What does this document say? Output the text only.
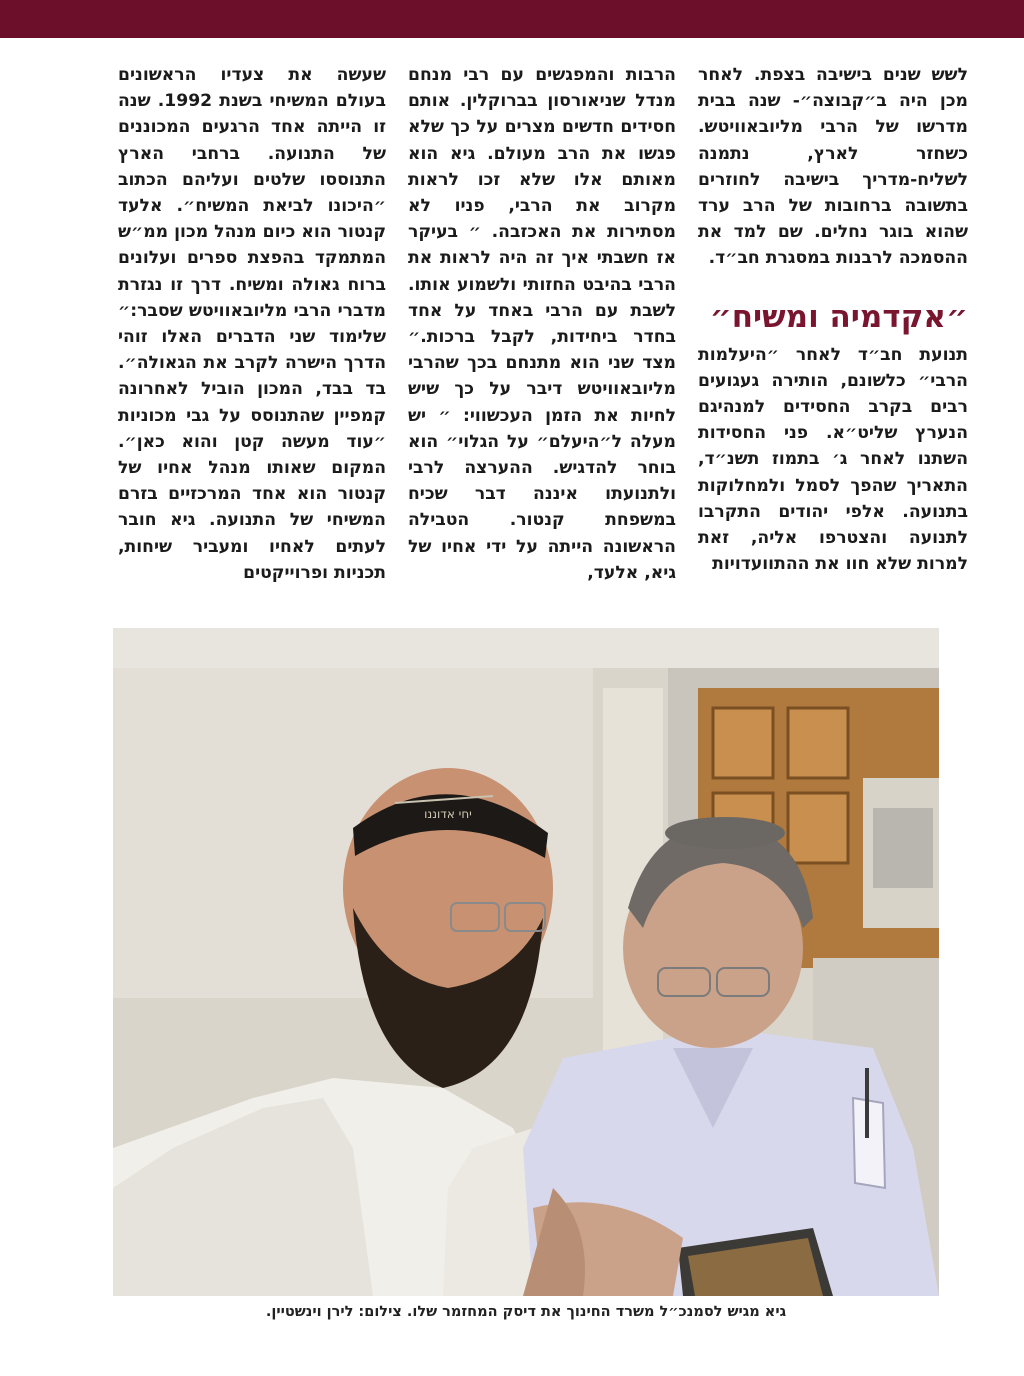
לשש שנים בישיבה בצפת. לאחר מכן היה ב״קבוצה״- שנה בבית מדרשו של הרבי מליובאוויטש. כשחזר לארץ, נתמנה לשליח-מדריך בישיבה לחוזרים בתשובה ברחובות של הרב ערד שהוא בוגר נחלים. שם למד את ההסמכה לרבנות במסגרת חב״ד.

״אקדמיה ומשיח״

תנועת חב״ד לאחר ״היעלמות הרבי״ כלשונם, הותירה געגועים רבים בקרב החסידים למנהיגם הנערץ שליט״א. פני החסידות השתנו לאחר ג׳ בתמוז תשנ״ד, התאריך שהפך לסמל ולמחלוקות בתנועה. אלפי יהודים התקרבו לתנועה והצטרפו אליה, זאת למרות שלא חוו את ההתוועדויות

הרבות והמפגשים עם רבי מנחם מנדל שניאורסון בברוקלין. אותם חסידים חדשים מצרים על כך שלא פגשו את הרב מעולם. גיא הוא מאותם אלו שלא זכו לראות מקרוב את הרבי, פניו לא מסתירות את האכזבה. ״ בעיקר אז חשבתי איך זה היה לראות את הרבי בהיבט החזותי ולשמוע אותו. לשבת עם הרבי באחד על אחד בחדר ביחידות, לקבל ברכות.״ מצד שני הוא מתנחם בכך שהרבי מליובאוויטש דיבר על כך שיש לחיות את הזמן העכשווי: ״ יש מעלה ל״היעלם״ על הגלוי״ הוא בוחר להדגיש. ההערצה לרבי ולתנועתו איננה דבר שכיח במשפחת קנטור. הטבילה הראשונה הייתה על ידי אחיו של גיא, אלעד,

שעשה את צעדיו הראשונים בעולם המשיחי בשנת 1992. שנה זו הייתה אחד הרגעים המכוננים של התנועה. ברחבי הארץ התנוססו שלטים ועליהם הכתוב ״היכונו לביאת המשיח״. אלעד קנטור הוא כיום מנהל מכון ממ״ש המתמקד בהפצת ספרים ועלונים ברוח גאולה ומשיח. דרך זו נגזרת מדברי הרבי מליובאוויטש שסבר:״ שלימוד שני הדברים האלו זוהי הדרך הישרה לקרב את הגאולה״. בד בבד, המכון הוביל לאחרונה קמפיין שהתנוסס על גבי מכוניות ״עוד מעשה קטן והוא כאן״. המקום שאותו מנהל אחיו של קנטור הוא אחד המרכזיים בזרם המשיחי של התנועה. גיא חובר לעתים לאחיו ומעביר שיחות, תכניות ופרוייקטים

יחי אדוננו
גיא מגיש לסמנכ״ל משרד החינוך את דיסק המחזמר שלו. צילום: לירן וינשטיין.
